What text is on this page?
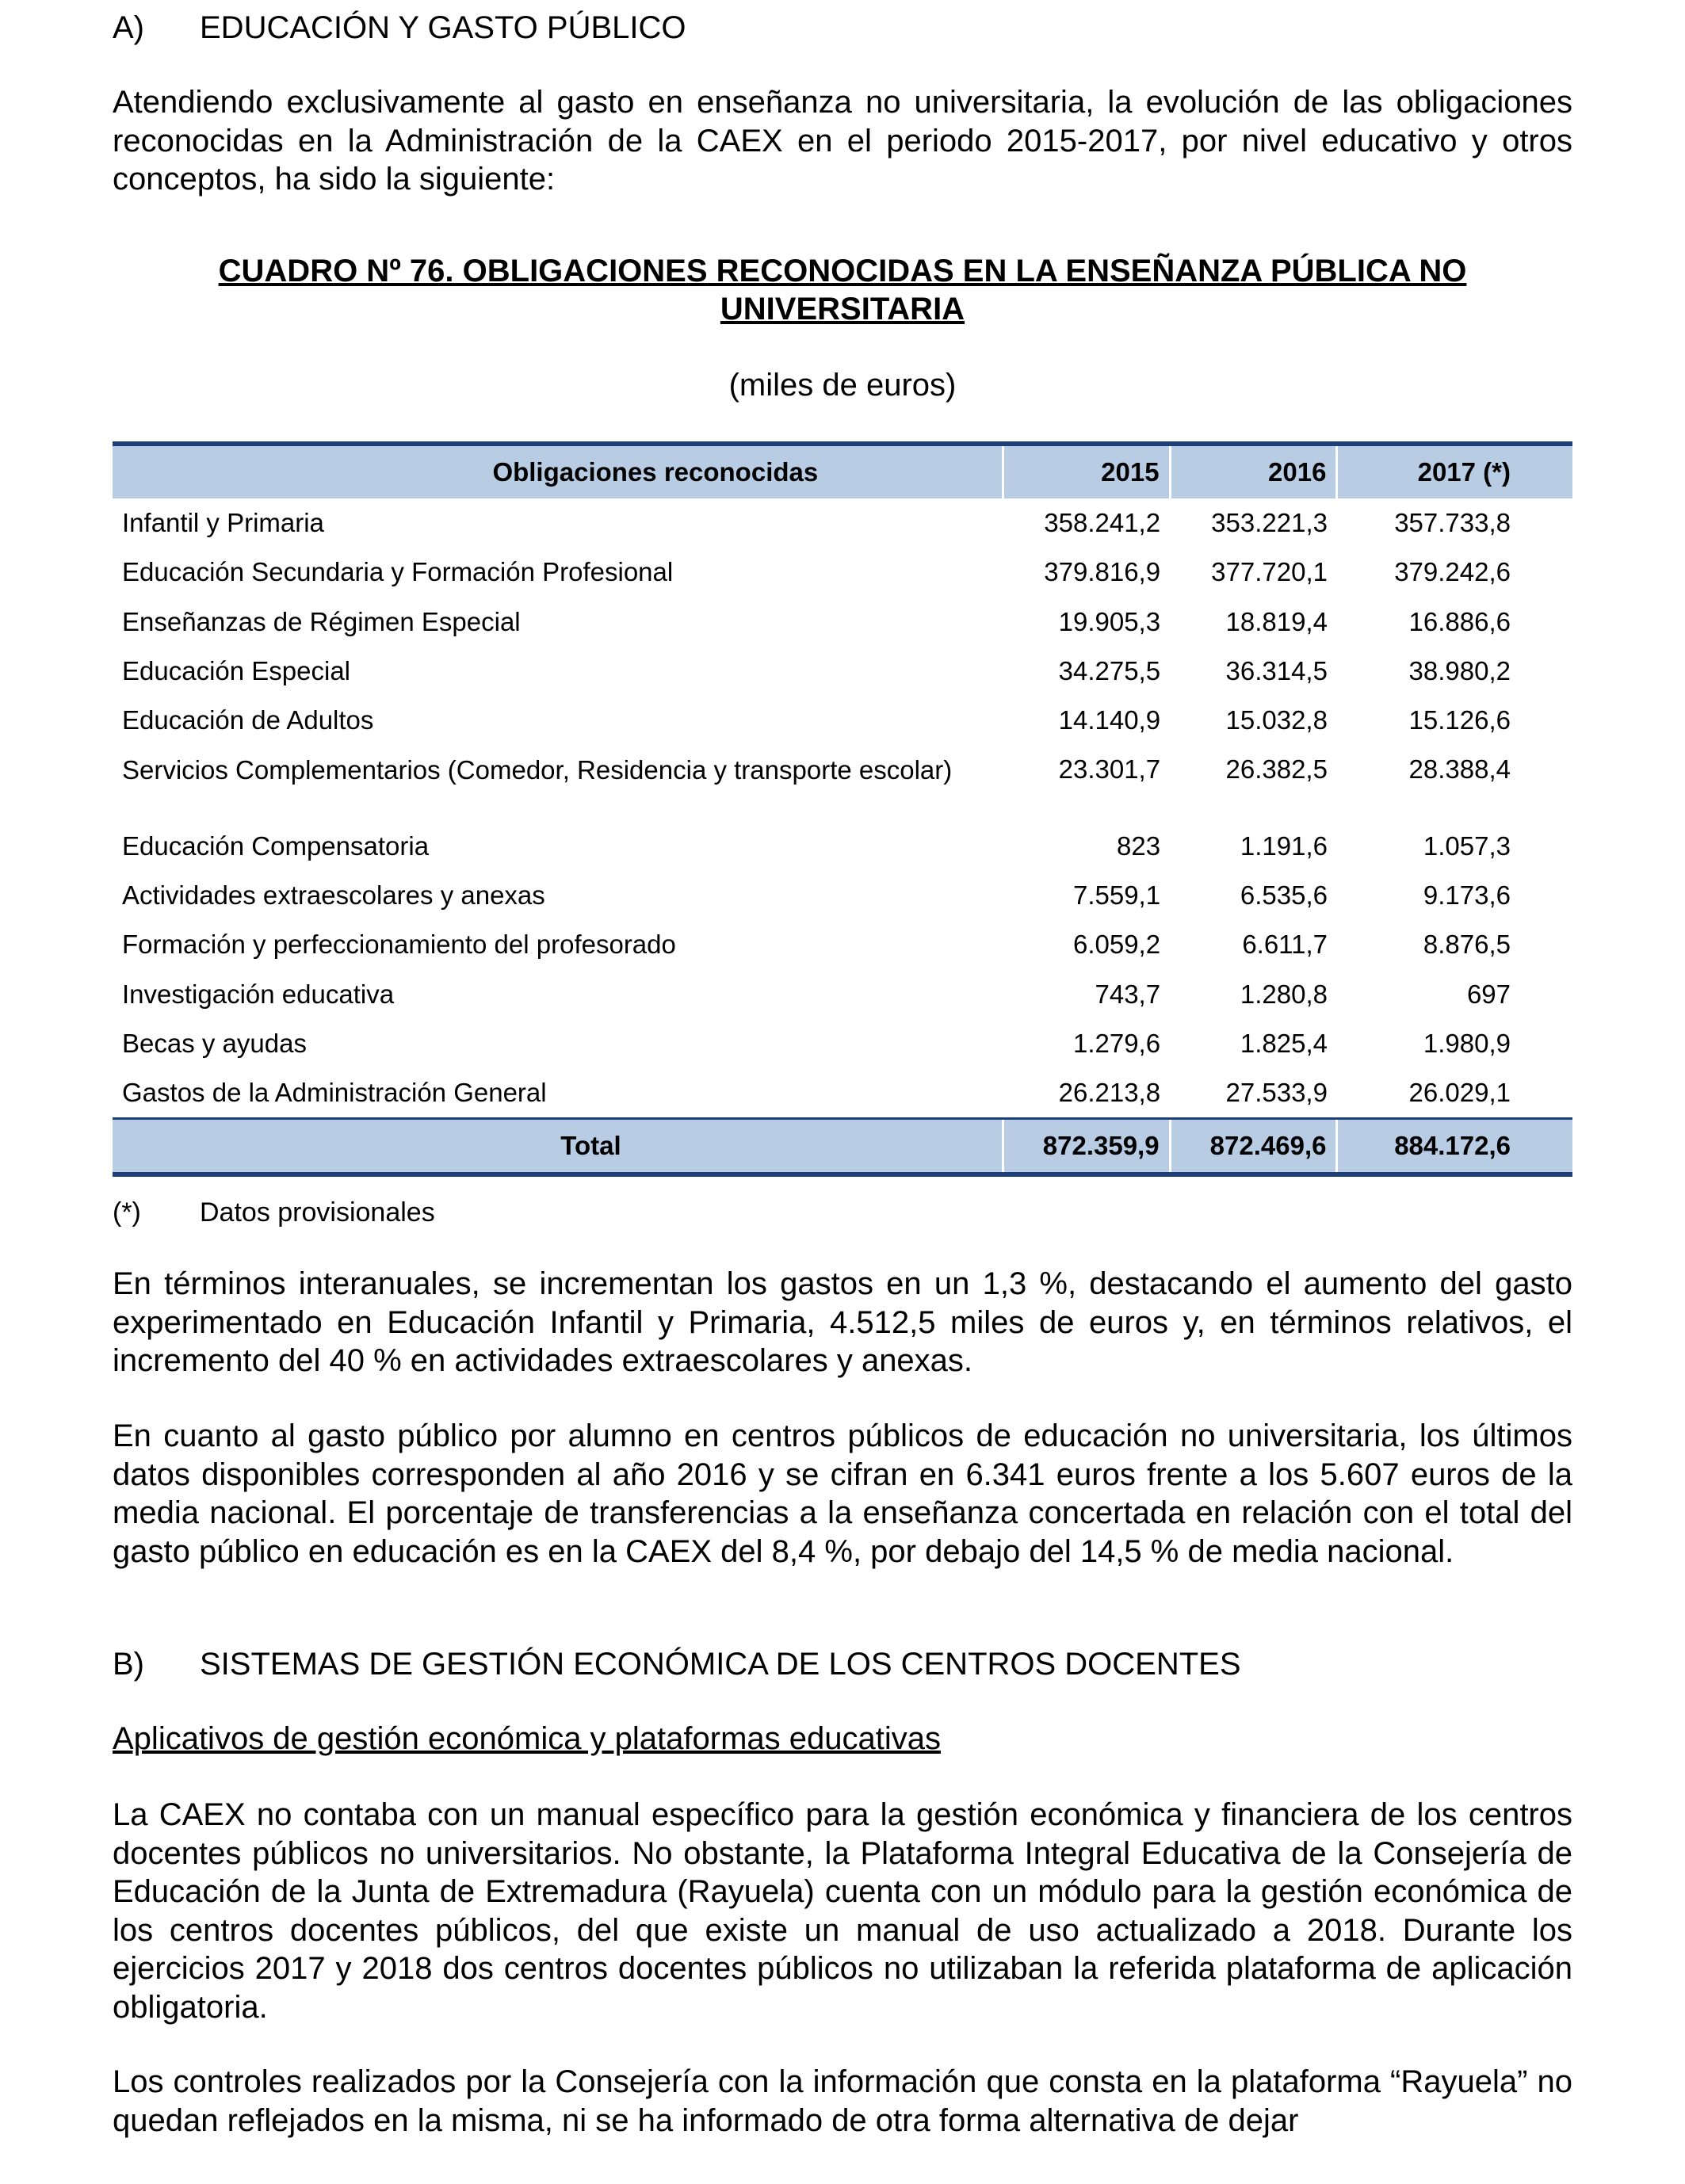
A)	EDUCACIÓN Y GASTO PÚBLICO

Atendiendo exclusivamente al gasto en enseñanza no universitaria, la evolución de las obligaciones reconocidas en la Administración de la CAEX en el periodo 2015-2017, por nivel educativo y otros conceptos, ha sido la siguiente:

CUADRO Nº 76. OBLIGACIONES RECONOCIDAS EN LA ENSEÑANZA PÚBLICA NO
UNIVERSITARIA
(miles de euros)
Obligaciones reconocidas	2015	2016	2017 (*)
Infantil y Primaria	358.241,2	353.221,3	357.733,8
Educación Secundaria y Formación Profesional	379.816,9	377.720,1	379.242,6
Enseñanzas de Régimen Especial	19.905,3	18.819,4	16.886,6
Educación Especial	34.275,5	36.314,5	38.980,2
Educación de Adultos	14.140,9	15.032,8	15.126,6
Servicios Complementarios (Comedor, Residencia y transporte escolar)	23.301,7	26.382,5	28.388,4
Educación Compensatoria	823	1.191,6	1.057,3
Actividades extraescolares y anexas	7.559,1	6.535,6	9.173,6
Formación y perfeccionamiento del profesorado	6.059,2	6.611,7	8.876,5
Investigación educativa	743,7	1.280,8	697
Becas y ayudas	1.279,6	1.825,4	1.980,9
Gastos de la Administración General	26.213,8	27.533,9	26.029,1
Total	872.359,9	872.469,6	884.172,6
(*) Datos provisionales

En términos interanuales, se incrementan los gastos en un 1,3 %, destacando el aumento del gasto experimentado en Educación Infantil y Primaria, 4.512,5 miles de euros y, en términos relativos, el incremento del 40 % en actividades extraescolares y anexas.

En cuanto al gasto público por alumno en centros públicos de educación no universitaria, los últimos datos disponibles corresponden al año 2016 y se cifran en 6.341 euros frente a los 5.607 euros de la media nacional. El porcentaje de transferencias a la enseñanza concertada en relación con el total del gasto público en educación es en la CAEX del 8,4 %, por debajo del 14,5 % de media nacional.

B)	SISTEMAS DE GESTIÓN ECONÓMICA DE LOS CENTROS DOCENTES
Aplicativos de gestión económica y plataformas educativas

La CAEX no contaba con un manual específico para la gestión económica y financiera de los centros docentes públicos no universitarios. No obstante, la Plataforma Integral Educativa de la Consejería de Educación de la Junta de Extremadura (Rayuela) cuenta con un módulo para la gestión económica de los centros docentes públicos, del que existe un manual de uso actualizado a 2018. Durante los ejercicios 2017 y 2018 dos centros docentes públicos no utilizaban la referida plataforma de aplicación obligatoria.

Los controles realizados por la Consejería con la información que consta en la plataforma “Rayuela” no quedan reflejados en la misma, ni se ha informado de otra forma alternativa de dejar
